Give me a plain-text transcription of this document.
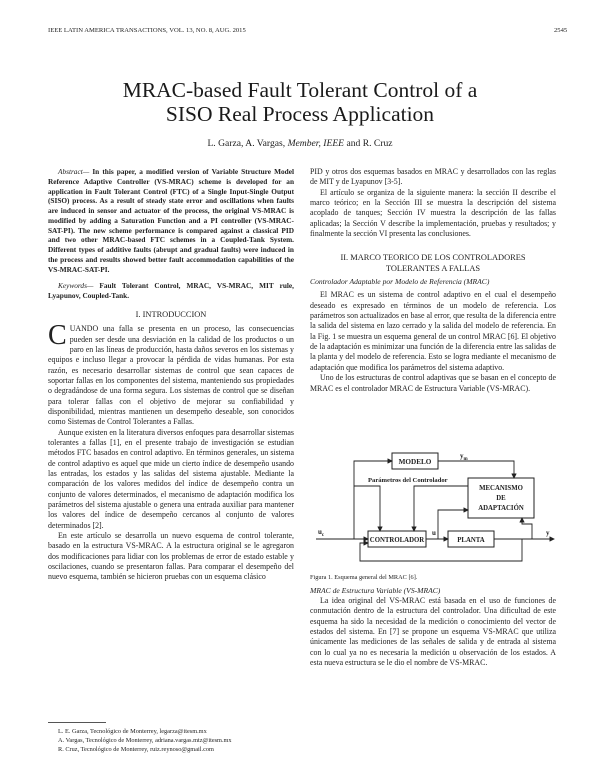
IEEE LATIN AMERICA TRANSACTIONS, VOL. 13, NO. 8, AUG. 2015	2545
MRAC-based Fault Tolerant Control of a
SISO Real Process Application
L. Garza, A. Vargas, Member, IEEE and R. Cruz

Abstract— In this paper, a modified version of Variable Structure Model Reference Adaptive Controller (VS-MRAC) scheme is developed for an application in Fault Tolerant Control (FTC) of a Single Input-Single Output (SISO) process. As a result of steady state error and oscillations when faults are induced in sensor and actuator of the process, the original VS-MRAC is modified by adding a Saturation Function and a PI controller (VS-MRAC-SAT-PI). The new scheme performance is compared against a classical PID and two other MRAC-based FTC schemes in a Coupled-Tank System. Different types of additive faults (abrupt and gradual faults) were induced in the process and results showed better fault accommodation capabilities of the VS-MRAC-SAT-PI.

Keywords— Fault Tolerant Control, MRAC, VS-MRAC, MIT rule, Lyapunov, Coupled-Tank.

I. INTRODUCCION

CUANDO una falla se presenta en un proceso, las consecuencias pueden ser desde una desviación en la calidad de los productos o un paro en las líneas de producción, hasta daños severos en los sistemas y equipos e incluso llegar a provocar la pérdida de vidas humanas. Por esta razón, es necesario desarrollar sistemas de control que sean capaces de soportar fallas en los componentes del sistema, manteniendo sus propiedades o degradándose de una forma segura. Los sistemas de control que se diseñan para tolerar fallas con el objetivo de mejorar su confiabilidad y disponibilidad, mientras mantienen un desempeño deseable, son conocidos como Sistemas de Control Tolerantes a Fallas.

Aunque existen en la literatura diversos enfoques para desarrollar sistemas tolerantes a fallas [1], en el presente trabajo de investigación se estudian métodos FTC basados en control adaptivo. En términos generales, un sistema de control adaptivo es aquel que mide un cierto índice de desempeño usando las entradas, los estados y las salidas del sistema ajustable. Mediante la comparación de los valores medidos del índice de desempeño contra un conjunto de valores determinados, el mecanismo de adaptación modifica los parámetros del sistema ajustable o genera una entrada auxiliar para mantener los valores del índice de desempeño cercanos al conjunto de valores determinados [2].

En este artículo se desarrolla un nuevo esquema de control tolerante, basado en la estructura VS-MRAC. A la estructura original se le agregaron dos modificaciones para lidiar con los problemas de error de estado estable y oscilaciones, cuando se presentaron fallas. Para comparar el desempeño del nuevo esquema, también se hicieron pruebas con un esquema clásico

L. E. Garza, Tecnológico de Monterrey, legarza@itesm.mx
A. Vargas, Tecnológico de Monterrey, adriana.vargas.mtz@itesm.mx
R. Cruz, Tecnológico de Monterrey, ruiz.reynoso@gmail.com

PID y otros dos esquemas basados en MRAC y desarrollados con las reglas de MIT y de Lyapunov [3-5].

El artículo se organiza de la siguiente manera: la sección II describe el marco teórico; en la Sección III se muestra la descripción del sistema acoplado de tanques; Sección IV muestra la descripción de las fallas aplicadas; la Sección V describe la implementación, pruebas y resultados; y finalmente la sección VI presenta las conclusiones.

II. MARCO TEORICO DE LOS CONTROLADORES TOLERANTES A FALLAS

Controlador Adaptable por Modelo de Referencia (MRAC)

El MRAC es un sistema de control adaptivo en el cual el desempeño deseado es expresado en términos de un modelo de referencia. Los parámetros son actualizados en base al error, que resulta de la diferencia entre la salida del sistema en lazo cerrado y la salida del modelo de referencia. En la Fig. 1 se muestra un esquema general de un control MRAC [6]. El objetivo de la adaptación es minimizar una función de la diferencia entre las salidas de la planta y del modelo de referencia. Esto se logra mediante el mecanismo de adaptación que modifica los parámetros del sistema adaptivo.

Uno de los estructuras de control adaptivas que se basan en el concepto de MRAC es el controlador MRAC de Estructura Variable (VS-MRAC).

MODELO
MECANISMO
DE
ADAPTACIÓN
CONTROLADOR	PLANTA
$u_c$
Parámetros del Controlador
$y_m$
u	y
Figura 1. Esquema general del MRAC [6].

MRAC de Estructura Variable (VS-MRAC)

La idea original del VS-MRAC está basada en el uso de funciones de conmutación dentro de la estructura del controlador. Una dificultad de este esquema ha sido la necesidad de la medición o conocimiento del vector de estados del sistema. En [7] se propone un esquema VS-MRAC que utiliza únicamente las mediciones de las señales de salida y de entrada al sistema con lo cual ya no es necesaria la medición u observación de los estados. A esta nueva estructura se le dio el nombre de VS-MRAC.
